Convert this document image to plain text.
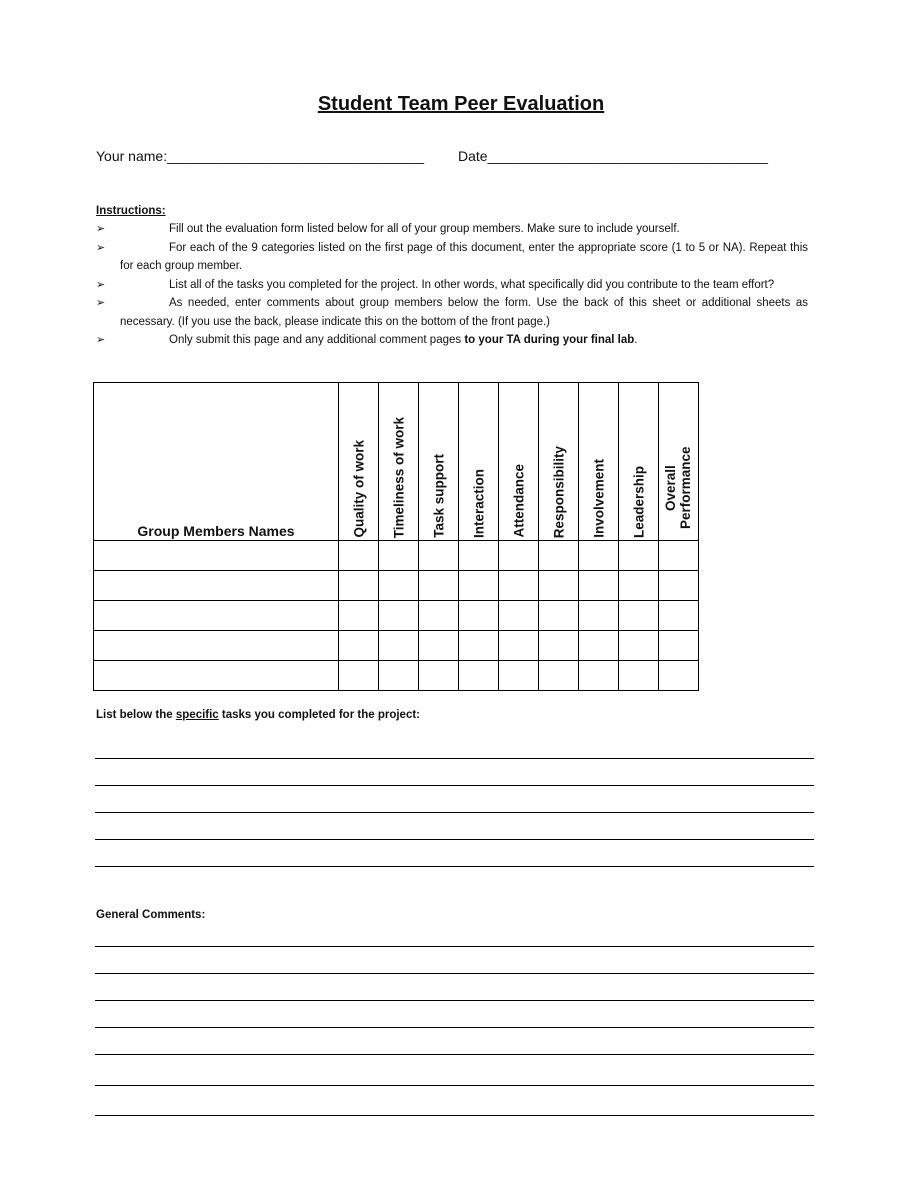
Student Team Peer Evaluation
Your name:_________________________________ Date____________________________________
Instructions:
➢	Fill out the evaluation form listed below for all of your group members. Make sure to include yourself.
➢	For each of the 9 categories listed on the first page of this document, enter the appropriate score (1 to 5 or NA). Repeat this for each group member.
➢	List all of the tasks you completed for the project. In other words, what specifically did you contribute to the team effort?
➢	As needed, enter comments about group members below the form. Use the back of this sheet or additional sheets as necessary. (If you use the back, please indicate this on the bottom of the front page.)
➢	Only submit this page and any additional comment pages to your TA during your final lab.
Group Members Names	Quality of work	Timeliness of work	Task support	Interaction	Attendance	Responsibility	Involvement	Leadership	Overall Performance

List below the specific tasks you completed for the project:
General Comments:
